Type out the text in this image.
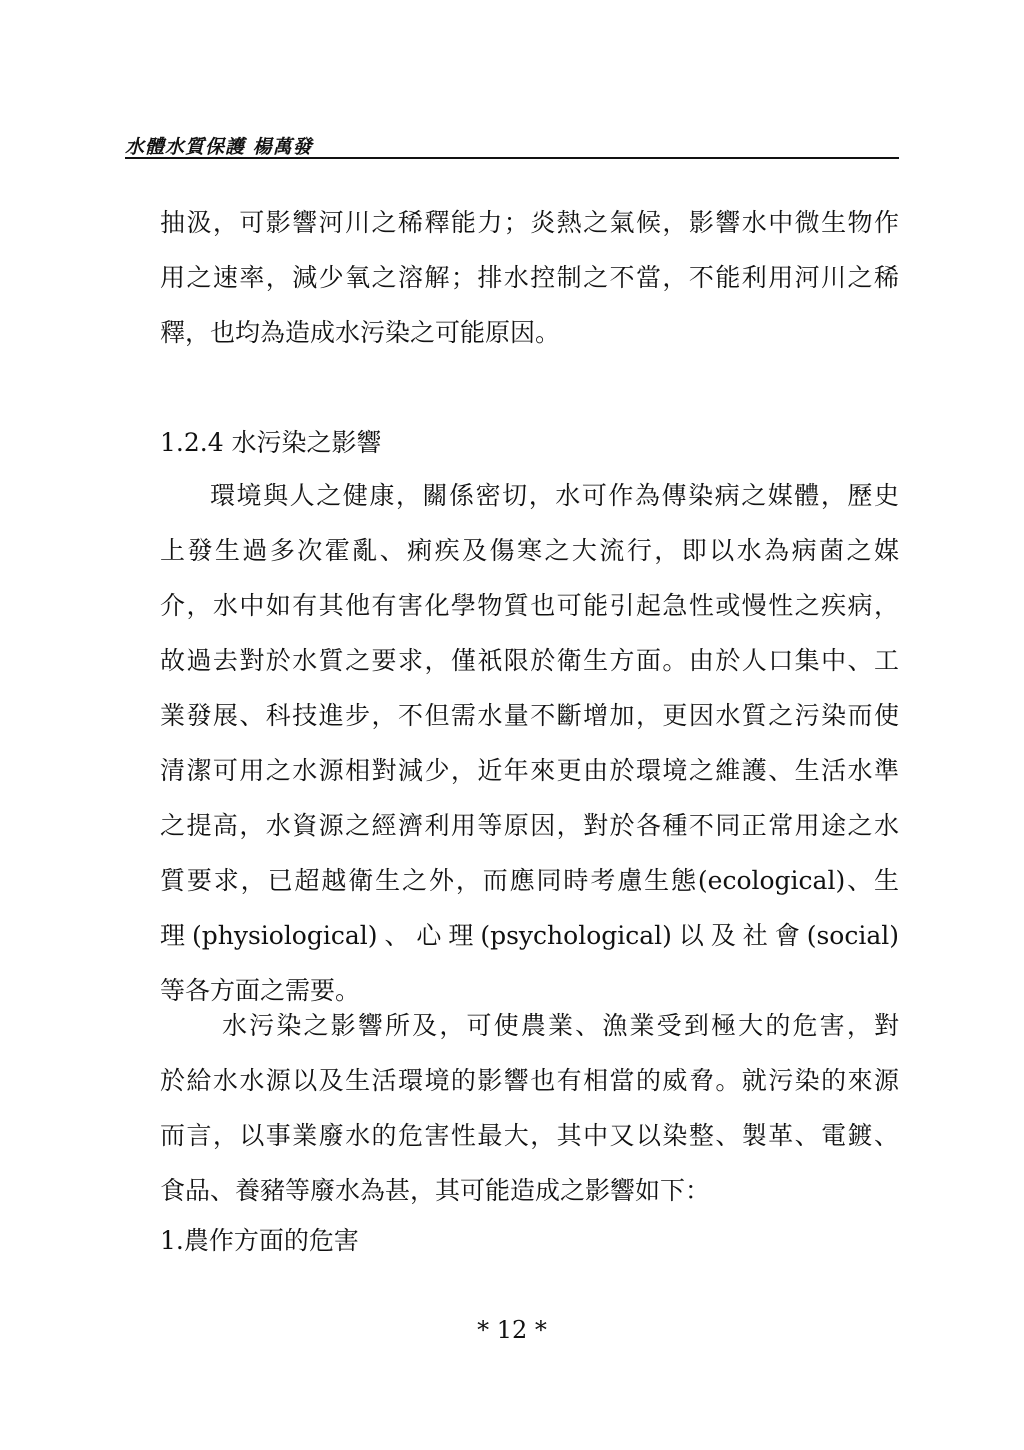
水體水質保護 楊萬發
抽汲，可影響河川之稀釋能力；炎熱之氣候，影響水中微生物作
用之速率，減少氧之溶解；排水控制之不當，不能利用河川之稀
釋，也均為造成水污染之可能原因。
1.2.4 水污染之影響
環境與人之健康，關係密切，水可作為傳染病之媒體，歷史
上發生過多次霍亂、痢疾及傷寒之大流行，即以水為病菌之媒
介，水中如有其他有害化學物質也可能引起急性或慢性之疾病，
故過去對於水質之要求，僅祇限於衛生方面。由於人口集中、工
業發展、科技進步，不但需水量不斷增加，更因水質之污染而使
清潔可用之水源相對減少，近年來更由於環境之維護、生活水準
之提高，水資源之經濟利用等原因，對於各種不同正常用途之水
質要求，已超越衛生之外，而應同時考慮生態(ecological)、生
理(physiological)、心理(psychological)以及社會(social)
等各方面之需要。
水污染之影響所及，可使農業、漁業受到極大的危害，對
於給水水源以及生活環境的影響也有相當的威脅。就污染的來源
而言，以事業廢水的危害性最大，其中又以染整、製革、電鍍、
食品、養豬等廢水為甚，其可能造成之影響如下：
1.農作方面的危害
* 12 *
